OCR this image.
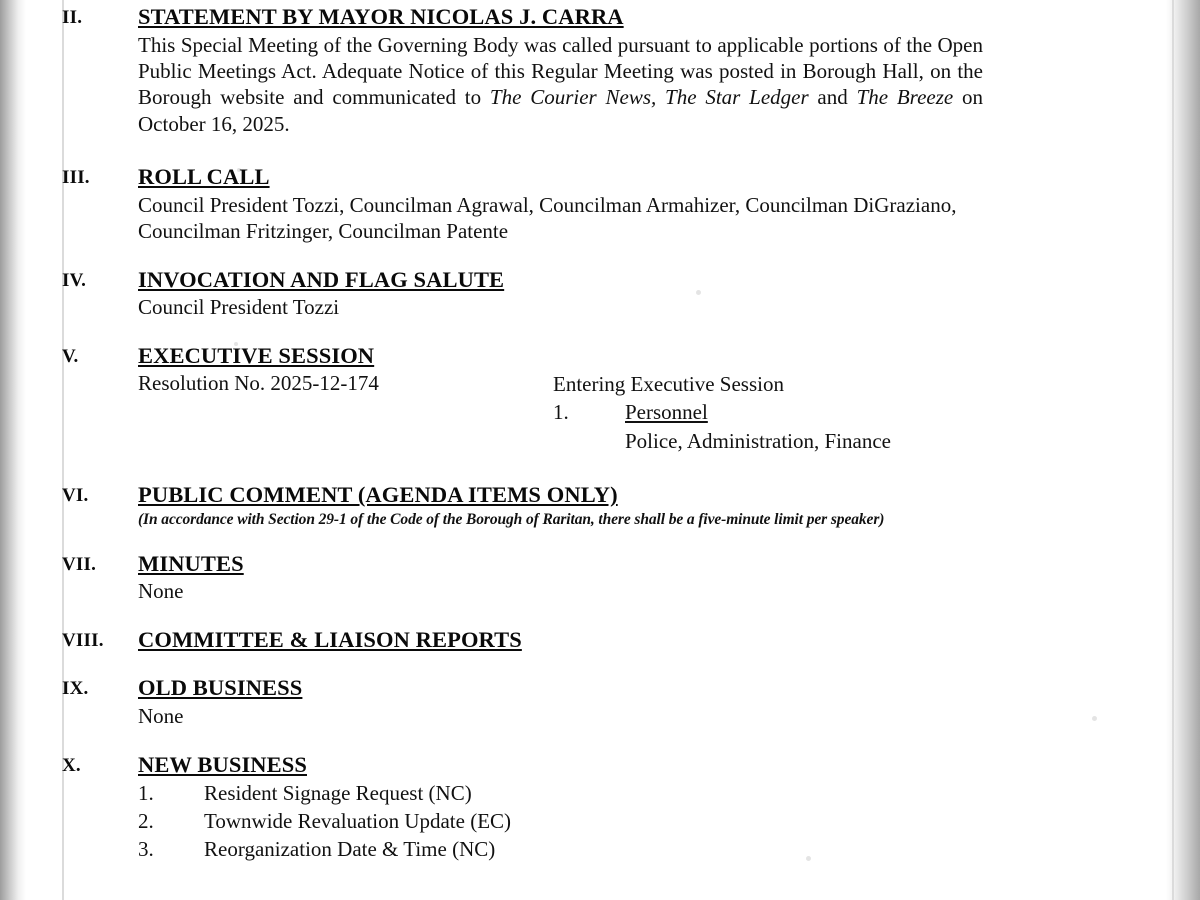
II.	STATEMENT BY MAYOR NICOLAS J. CARRA
This Special Meeting of the Governing Body was called pursuant to applicable portions of the Open Public Meetings Act. Adequate Notice of this Regular Meeting was posted in Borough Hall, on the Borough website and communicated to The Courier News, The Star Ledger and The Breeze on October 16, 2025.
III.	ROLL CALL
Council President Tozzi, Councilman Agrawal, Councilman Armahizer, Councilman DiGraziano, Councilman Fritzinger, Councilman Patente
IV.	INVOCATION AND FLAG SALUTE
Council President Tozzi
V.	EXECUTIVE SESSION
Resolution No. 2025-12-174	Entering Executive Session
1.	Personnel
Police, Administration, Finance
VI.	PUBLIC COMMENT (AGENDA ITEMS ONLY)
(In accordance with Section 29-1 of the Code of the Borough of Raritan, there shall be a five-minute limit per speaker)
VII.	MINUTES
None
VIII.	COMMITTEE & LIAISON REPORTS
IX.	OLD BUSINESS
None
X.	NEW BUSINESS
1.	Resident Signage Request (NC)
2.	Townwide Revaluation Update (EC)
3.	Reorganization Date & Time (NC)
